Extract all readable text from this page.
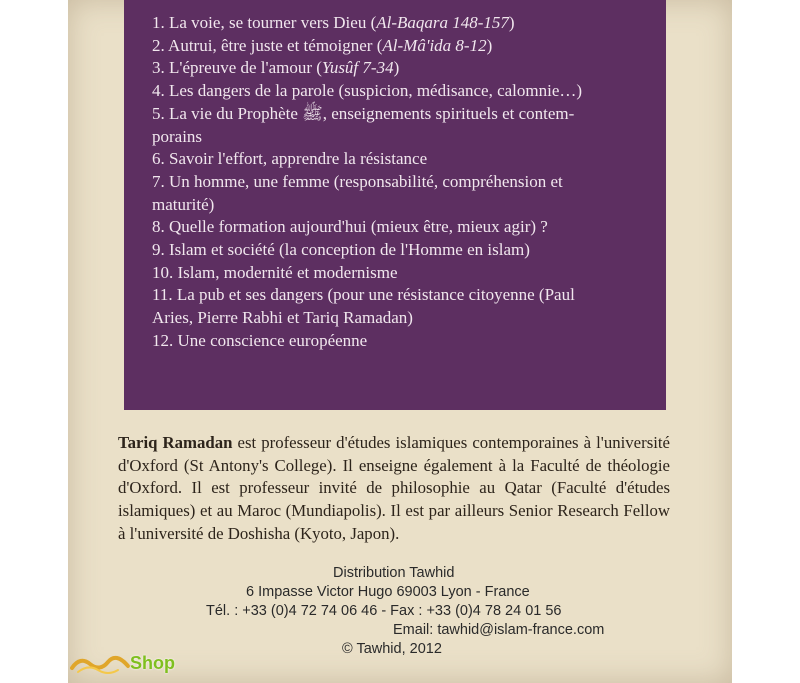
1. La voie, se tourner vers Dieu (Al-Baqara 148-157)
2. Autrui, être juste et témoigner (Al-Mâ'ida 8-12)
3. L'épreuve de l'amour (Yusûf 7-34)
4. Les dangers de la parole (suspicion, médisance, calomnie…)
5. La vie du Prophète ﷺ, enseignements spirituels et contem-
porains
6. Savoir l'effort, apprendre la résistance
7. Un homme, une femme (responsabilité, compréhension et
maturité)
8. Quelle formation aujourd'hui (mieux être, mieux agir) ?
9. Islam et société (la conception de l'Homme en islam)
10. Islam, modernité et modernisme
11. La pub et ses dangers (pour une résistance citoyenne (Paul
Aries, Pierre Rabhi et Tariq Ramadan)
12. Une conscience européenne

Tariq Ramadan est professeur d'études islamiques contemporaines à l'université d'Oxford (St Antony's College). Il enseigne également à la Faculté de théologie d'Oxford. Il est professeur invité de philosophie au Qatar (Faculté d'études islamiques) et au Maroc (Mundiapolis). Il est par ailleurs Senior Research Fellow à l'université de Doshisha (Kyoto, Japon).

Distribution Tawhid
6 Impasse Victor Hugo 69003 Lyon - France
Tél. : +33 (0)4 72 74 06 46 - Fax : +33 (0)4 78 24 01 56
Email: tawhid@islam-france.com
© Tawhid, 2012
Shop
